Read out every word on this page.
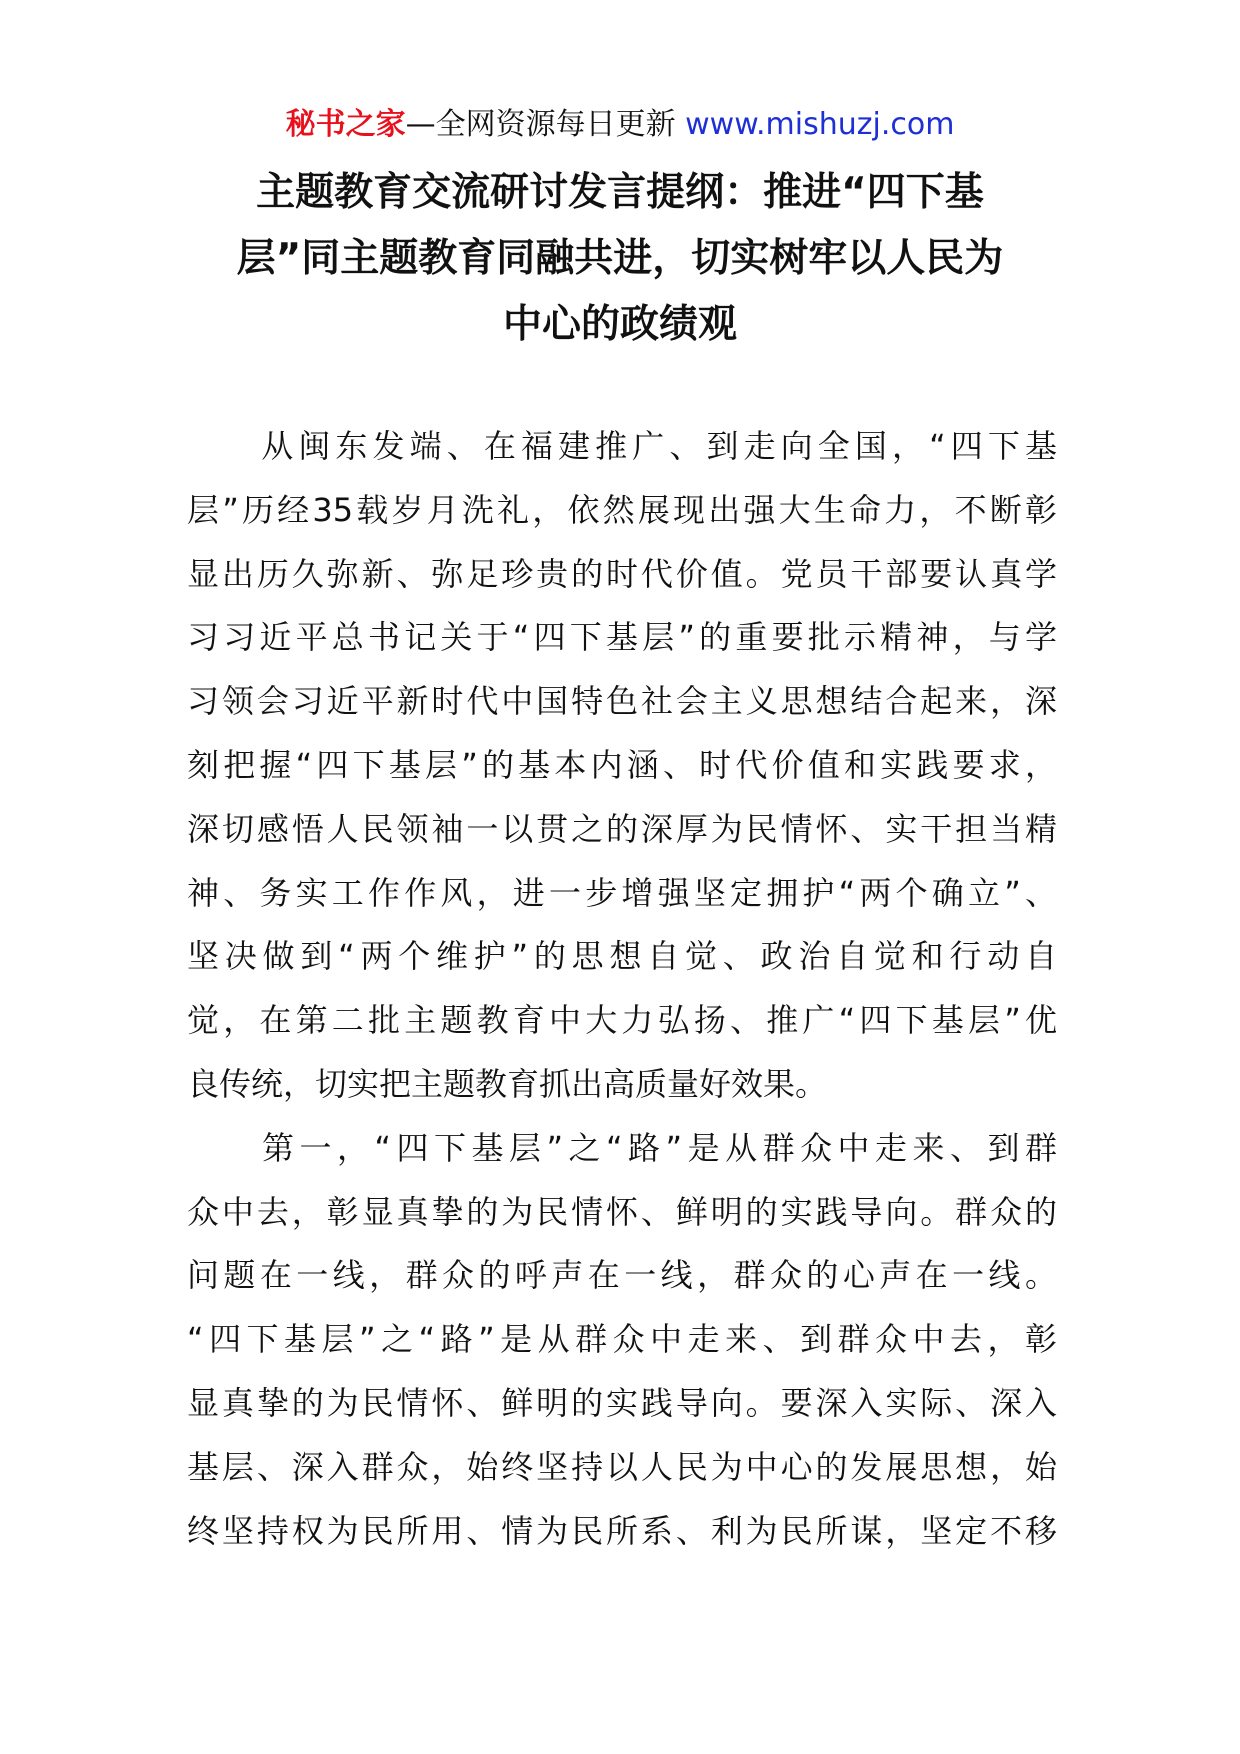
秘书之家—全网资源每日更新 www.mishuzj.com
主题教育交流研讨发言提纲：推进“四下基
层”同主题教育同融共进，切实树牢以人民为
中心的政绩观
　　从闽东发端、在福建推广、到走向全国，“四下基
层”历经35载岁月洗礼，依然展现出强大生命力，不断彰
显出历久弥新、弥足珍贵的时代价值。党员干部要认真学
习习近平总书记关于“四下基层”的重要批示精神，与学
习领会习近平新时代中国特色社会主义思想结合起来，深
刻把握“四下基层”的基本内涵、时代价值和实践要求，
深切感悟人民领袖一以贯之的深厚为民情怀、实干担当精
神、务实工作作风，进一步增强坚定拥护“两个确立”、
坚决做到“两个维护”的思想自觉、政治自觉和行动自
觉，在第二批主题教育中大力弘扬、推广“四下基层”优
良传统，切实把主题教育抓出高质量好效果。
　　第一，“四下基层”之“路”是从群众中走来、到群
众中去，彰显真挚的为民情怀、鲜明的实践导向。群众的
问题在一线，群众的呼声在一线，群众的心声在一线。
“四下基层”之“路”是从群众中走来、到群众中去，彰
显真挚的为民情怀、鲜明的实践导向。要深入实际、深入
基层、深入群众，始终坚持以人民为中心的发展思想，始
终坚持权为民所用、情为民所系、利为民所谋，坚定不移
